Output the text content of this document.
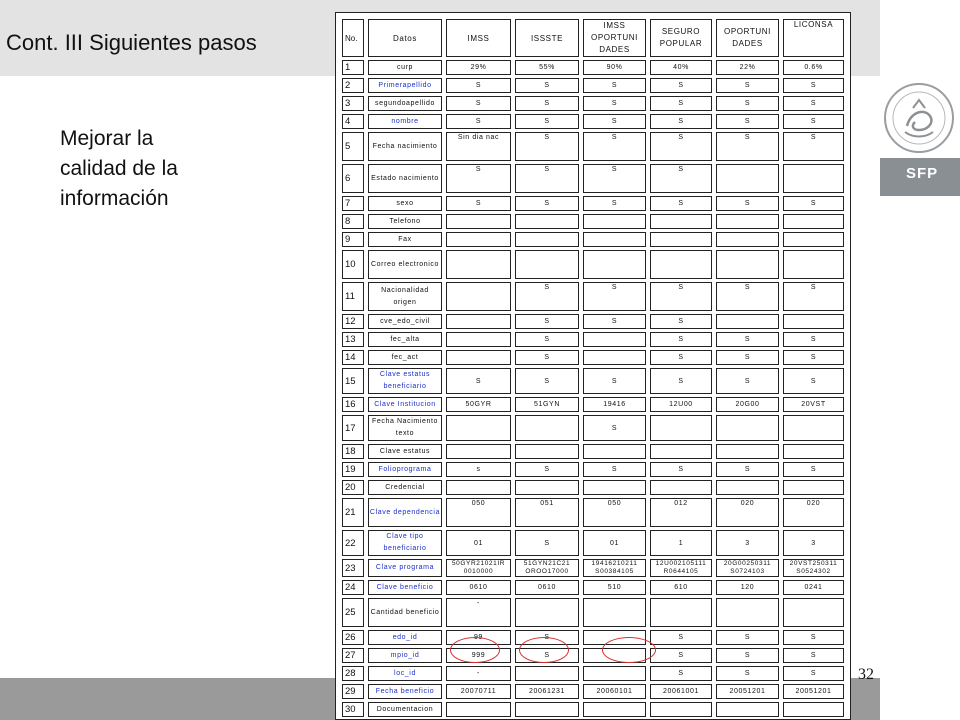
Cont. III Siguientes pasos
Mejorar la
calidad de la
información
SFP
No.	Datos	IMSS	ISSSTE	IMSS OPORTUNI DADES	SEGURO POPULAR	OPORTUNI DADES	LICONSA
1	curp	29%	55%	90%	40%	22%	0.6%
2	Primerapellido	S	S	S	S	S	S
3	segundoapellido	S	S	S	S	S	S
4	nombre	S	S	S	S	S	S
5	Fecha nacimiento	Sin dia nac	S	S	S	S	S
6	Estado nacimiento	S	S	S	S		
7	sexo	S	S	S	S	S	S
8	Telefono						
9	Fax						
10	Correo electronico						
11	Nacionalidad origen		S	S	S	S	S
12	cve_edo_civil		S	S	S		
13	fec_alta		S		S	S	S
14	fec_act		S		S	S	S
15	Clave estatus beneficiario	S	S	S	S	S	S
16	Clave Institucion	50GYR	51GYN	19416	12U00	20G00	20VST
17	Fecha Nacimiento texto			S			
18	Clave estatus						
19	Folioprograma	s	S	S	S	S	S
20	Credencial						
21	Clave dependencia	050	051	050	012	020	020
22	Clave tipo beneficiario	01	S	01	1	3	3
23	Clave programa	50GYR21021IR 0010000	51GYN21C21 OROO17000	19416210211 S00384105	12U002105111 R0644105	20G00250311 S0724103	20VST250311 S0524302
24	Clave beneficio	0610	0610	510	610	120	0241
25	Cantidad beneficio	-					
26	edo_id	99	S		S	S	S
27	mpio_id	999	S		S	S	S
28	loc_id	-			S	S	S
29	Fecha beneficio	20070711	20061231	20060101	20061001	20051201	20051201
30	Documentacion						
32
